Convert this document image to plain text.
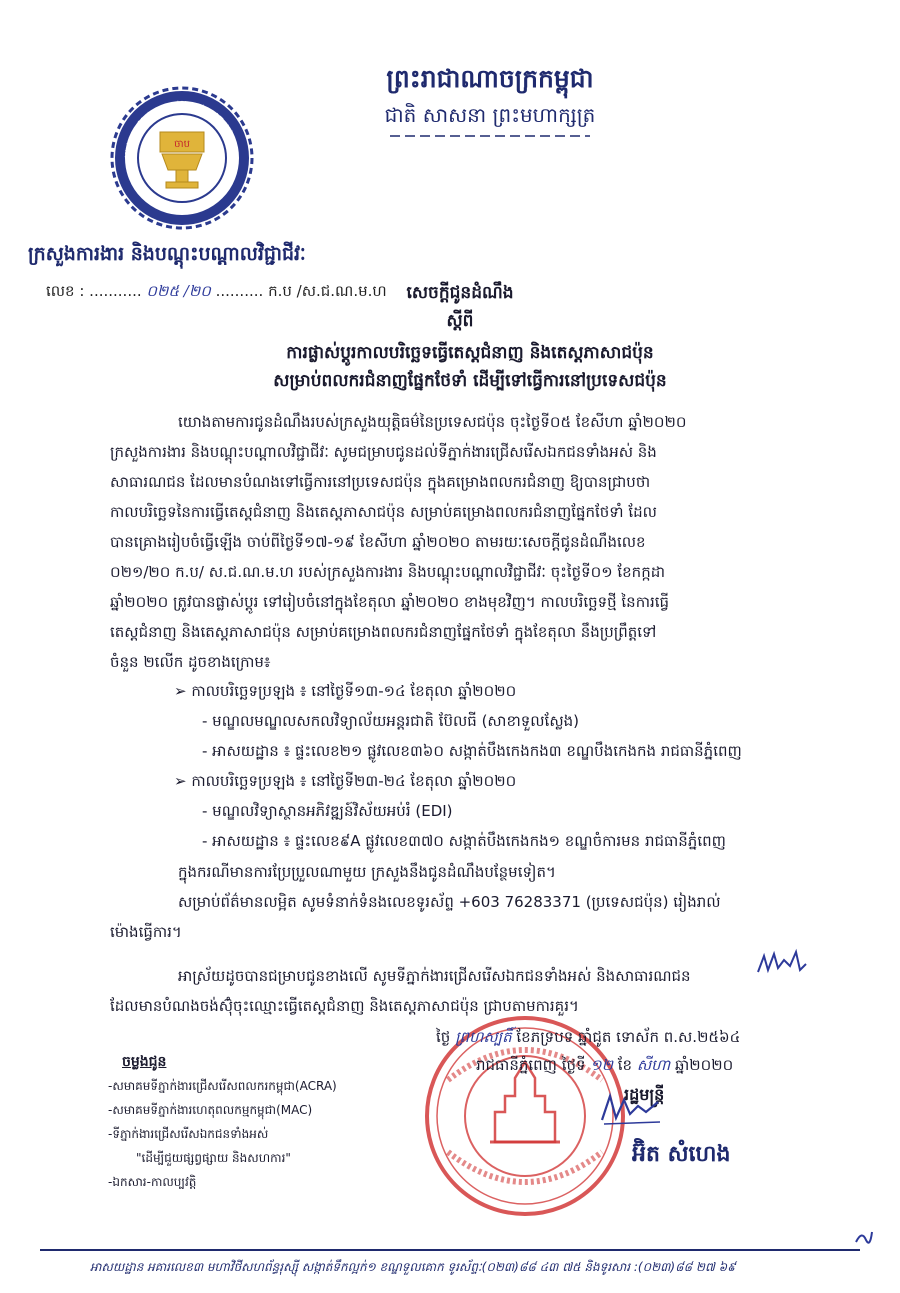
ចាប
Ministry of Labour and Vocational Training
ព្រះរាជាណាចក្រកម្ពុជា
ជាតិ សាសនា ព្រះមហាក្សត្រ
ក្រសួងការងារ និងបណ្ដុះបណ្ដាលវិជ្ជាជីវៈ
លេខ : ........... ០២៥ /២០ .......... ក.ប /ស.ជ.ណ.ម.ហ	សេចក្ដីជូនដំណឹង
ស្ដីពី
ការផ្លាស់ប្ដូរកាលបរិច្ឆេទធ្វើតេស្ដជំនាញ និងតេស្ដភាសាជប៉ុន
សម្រាប់ពលករជំនាញផ្នែកថែទាំ ដើម្បីទៅធ្វើការនៅប្រទេសជប៉ុន
យោងតាមការជូនដំណឹងរបស់ក្រសួងយុត្តិធម៌នៃប្រទេសជប៉ុន ចុះថ្ងៃទី០៥ ខែសីហា ឆ្នាំ២០២០
ក្រសួងការងារ និងបណ្ដុះបណ្ដាលវិជ្ជាជីវៈ សូមជម្រាបជូនដល់ទីភ្នាក់ងារជ្រើសរើសឯកជនទាំងអស់ និង
សាធារណជន ដែលមានបំណងទៅធ្វើការនៅប្រទេសជប៉ុន ក្នុងគម្រោងពលករជំនាញ ឱ្យបានជ្រាបថា
កាលបរិច្ឆេទនៃការធ្វើតេស្ដជំនាញ និងតេស្ដភាសាជប៉ុន សម្រាប់គម្រោងពលករជំនាញផ្នែកថែទាំ ដែល
បានគ្រោងរៀបចំធ្វើឡើង ចាប់ពីថ្ងៃទី១៧-១៩ ខែសីហា ឆ្នាំ២០២០ តាមរយៈសេចក្ដីជូនដំណឹងលេខ
០២១/២០ ក.ប/ ស.ជ.ណ.ម.ហ របស់ក្រសួងការងារ និងបណ្ដុះបណ្ដាលវិជ្ជាជីវៈ ចុះថ្ងៃទី០១ ខែកក្កដា
ឆ្នាំ២០២០ ត្រូវបានផ្លាស់ប្ដូរ ទៅរៀបចំនៅក្នុងខែតុលា ឆ្នាំ២០២០ ខាងមុខវិញ។ កាលបរិច្ឆេទថ្មី នៃការធ្វើ
តេស្ដជំនាញ និងតេស្ដភាសាជប៉ុន សម្រាប់គម្រោងពលករជំនាញផ្នែកថែទាំ ក្នុងខែតុលា នឹងប្រព្រឹត្តទៅ
ចំនួន ២លើក ដូចខាងក្រោម៖
➢ កាលបរិច្ឆេទប្រឡង ៖ នៅថ្ងៃទី១៣-១៤ ខែតុលា ឆ្នាំ២០២០
- មណ្ឌលមណ្ឌលសកលវិទ្យាល័យអន្តរជាតិ ប៊ែលធី (សាខាទួលស្លែង)
- អាសយដ្ឋាន ៖ ផ្ទះលេខ២១ ផ្លូវលេខ៣៦០ សង្កាត់បឹងកេងកង៣ ខណ្ឌបឹងកេងកង រាជធានីភ្នំពេញ
➢ កាលបរិច្ឆេទប្រឡង ៖ នៅថ្ងៃទី២៣-២៤ ខែតុលា ឆ្នាំ២០២០
- មណ្ឌលវិទ្យាស្ថានអភិវឌ្ឍន៍វិស័យអប់រំ (EDI)
- អាសយដ្ឋាន ៖ ផ្ទះលេខ៩A ផ្លូវលេខ៣៧០ សង្កាត់បឹងកេងកង១ ខណ្ឌចំការមន រាជធានីភ្នំពេញ
ក្នុងករណីមានការប្រែប្រួលណាមួយ ក្រសួងនឹងជូនដំណឹងបន្ថែមទៀត។
សម្រាប់ព័ត៌មានលម្អិត សូមទំនាក់ទំនងលេខទូរស័ព្ទ +603 76283371 (ប្រទេសជប៉ុន) រៀងរាល់
ម៉ោងធ្វើការ។
អាស្រ័យដូចបានជម្រាបជូនខាងលើ សូមទីភ្នាក់ងារជ្រើសរើសឯកជនទាំងអស់ និងសាធារណជន
ដែលមានបំណងចង់ស៊ុំចុះឈ្មោះធ្វើតេស្ដជំនាញ និងតេស្ដភាសាជប៉ុន ជ្រាបតាមការគួរ។
ថ្ងៃ ព្រហស្បតិ៍ ខែភទ្របទ ឆ្នាំជូត ទោស័ក ព.ស.២៥៦៤
រាជធានីភ្នំពេញ ថ្ងៃទី ១២ ខែ សីហា ឆ្នាំ២០២០
រដ្ឋមន្ត្រី
អ៊ិត សំហេង
ចម្លងជូន
-សមាគមទីភ្នាក់ងារជ្រើសរើសពលករកម្ពុជា(ACRA)
-សមាគមទីភ្នាក់ងារហេតុពលកម្មកម្ពុជា(MAC)
-ទីភ្នាក់ងារជ្រើសរើសឯកជនទាំងអស់
"ដើម្បីជួយផ្សព្វផ្សាយ និងសហការ"
-ឯកសារ-កាលប្បវត្តិ
អាសយដ្ឋាន អគារលេខ៣ មហាវិថីសហព័ន្ធរុស្ស៊ី សង្កាត់ទឹកល្អក់១ ខណ្ឌទួលគោក ទូរស័ព្ទៈ(០២៣)៨៨ ៤៣ ៧៥ និងទូរសារ :(០២៣)៨៨ ២៧ ៦៩
